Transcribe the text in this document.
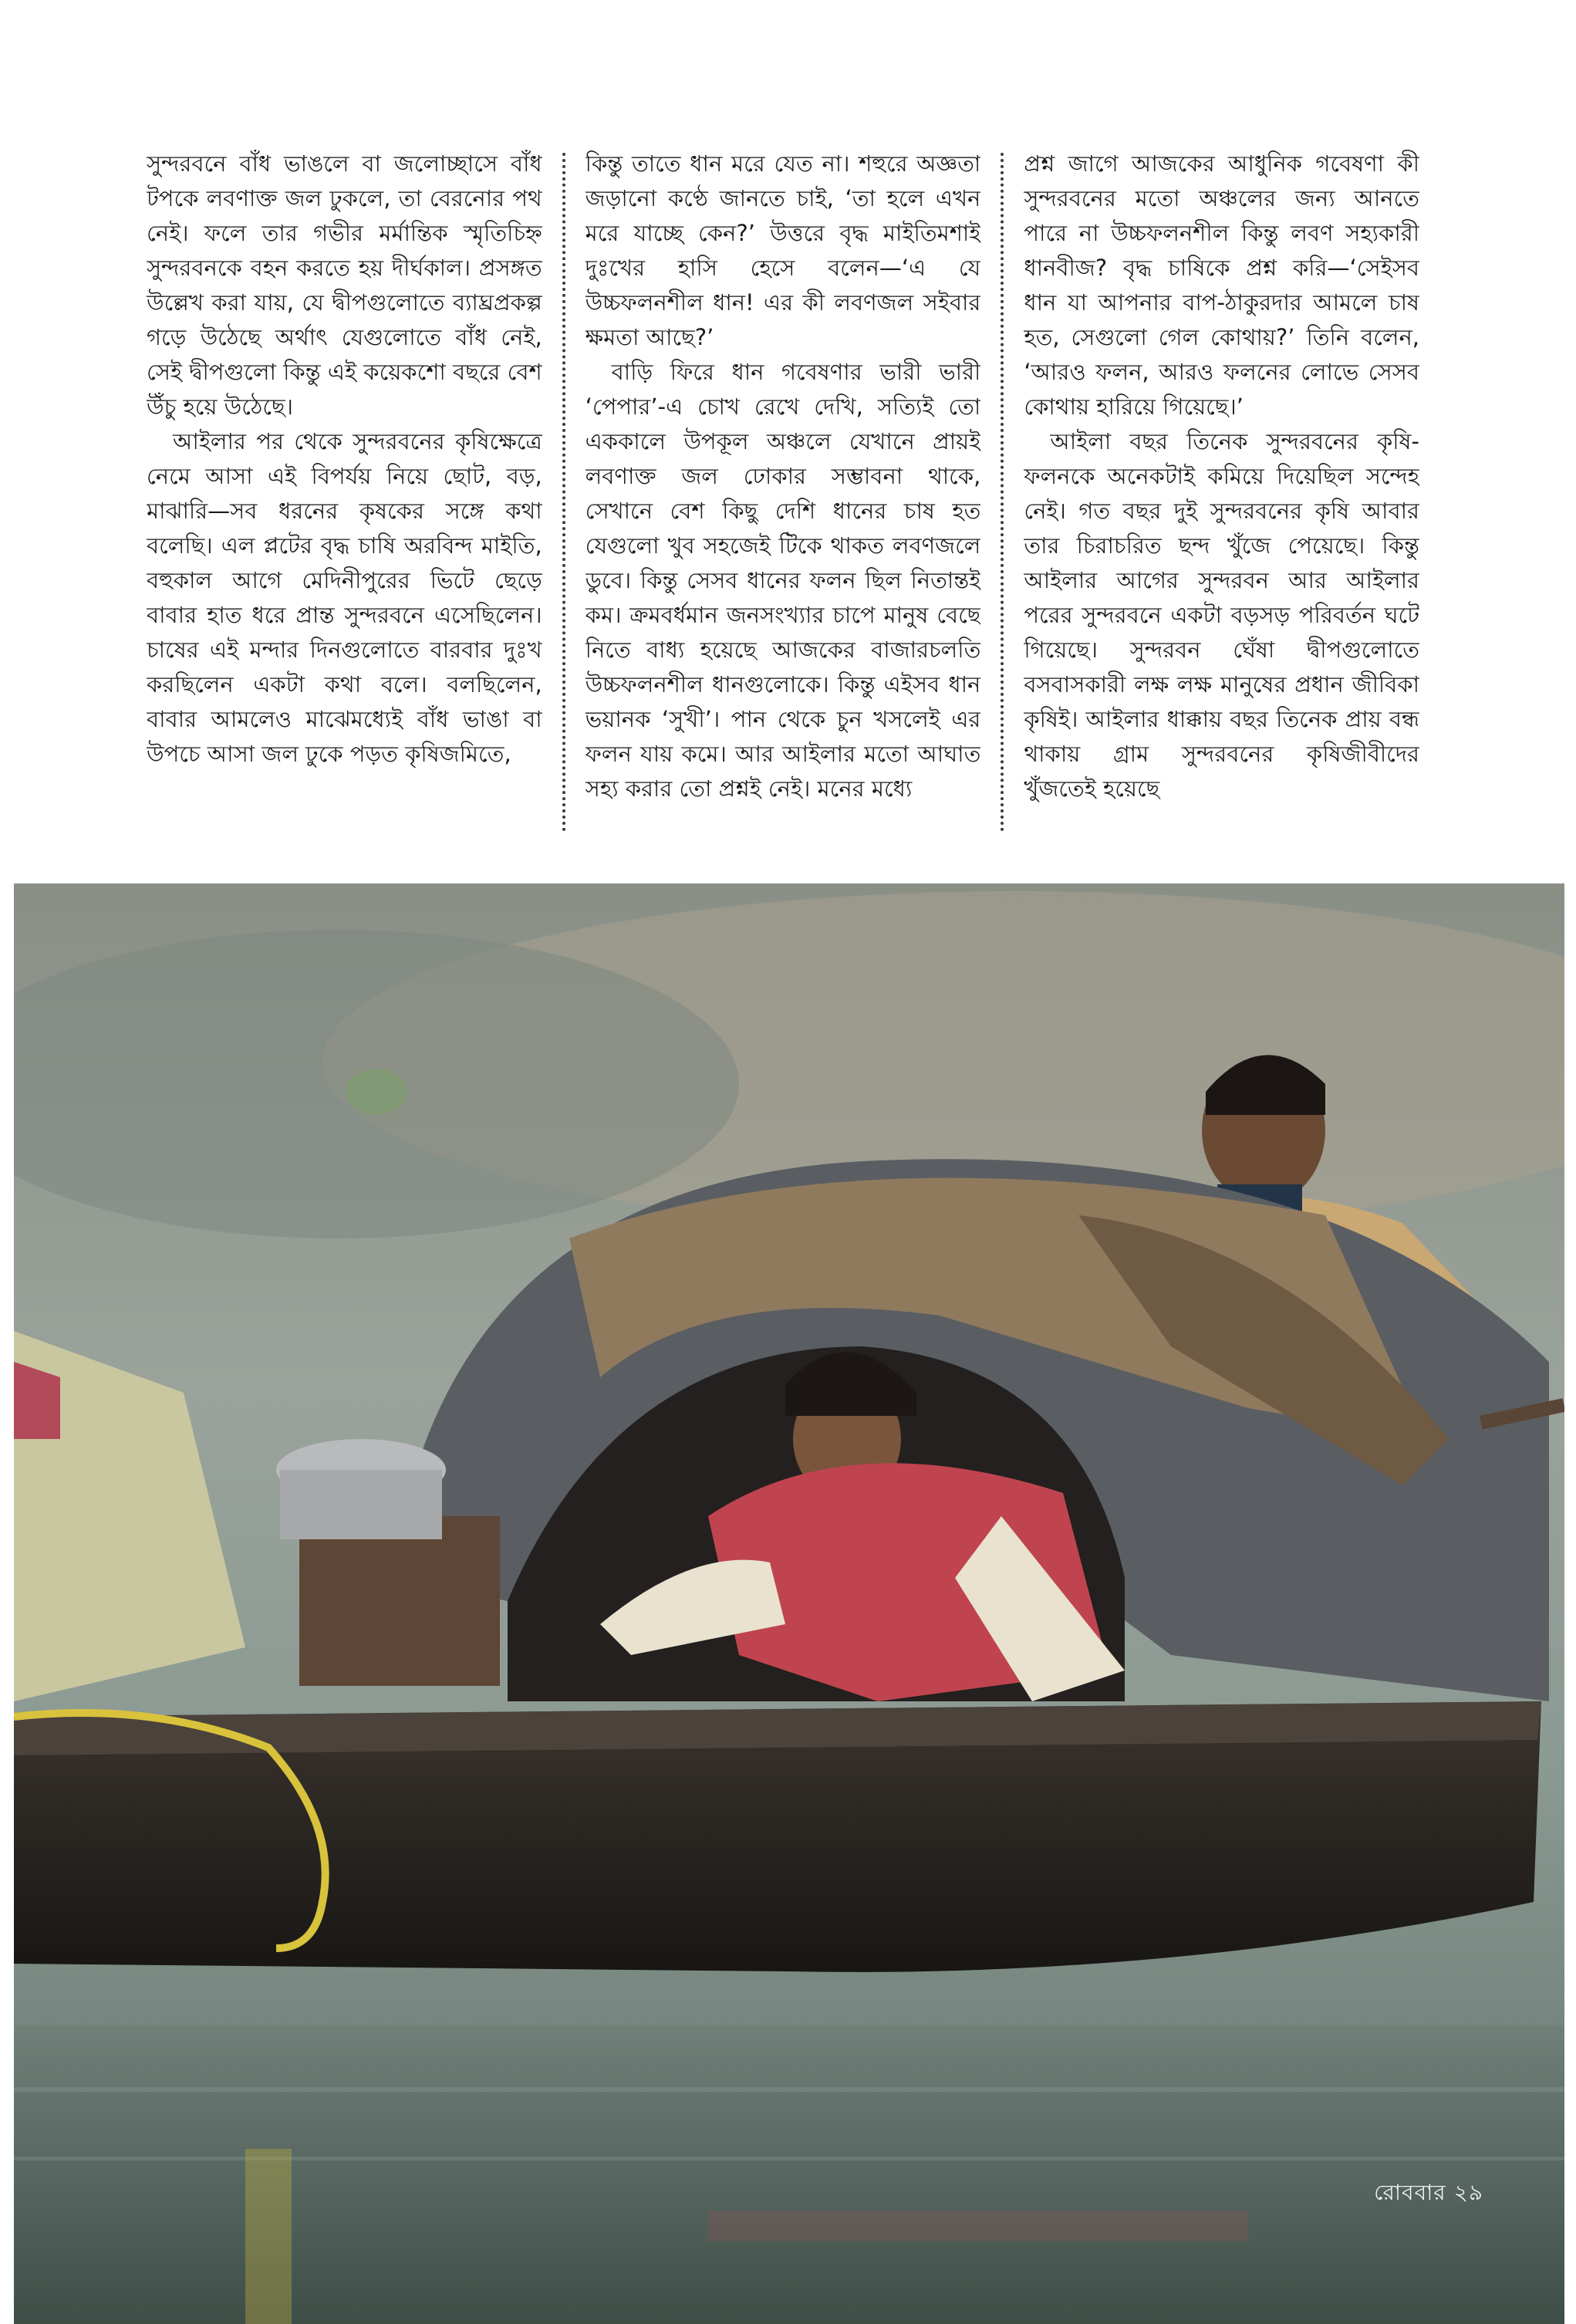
সুন্দরবনে বাঁধ ভাঙলে বা জলোচ্ছাসে বাঁধ টপকে লবণাক্ত জল ঢুকলে, তা বেরনোর পথ নেই। ফলে তার গভীর মর্মান্তিক স্মৃতিচিহ্ন সুন্দরবনকে বহন করতে হয় দীর্ঘকাল। প্রসঙ্গত উল্লেখ করা যায়, যে দ্বীপগুলোতে ব্যাঘ্রপ্রকল্প গড়ে উঠেছে অর্থাৎ যেগুলোতে বাঁধ নেই, সেই দ্বীপগুলো কিন্তু এই কয়েকশো বছরে বেশ উঁচু হয়ে উঠেছে।

আইলার পর থেকে সুন্দরবনের কৃষিক্ষেত্রে নেমে আসা এই বিপর্যয় নিয়ে ছোট, বড়, মাঝারি—সব ধরনের কৃষকের সঙ্গে কথা বলেছি। এল প্লটের বৃদ্ধ চাষি অরবিন্দ মাইতি, বহুকাল আগে মেদিনীপুরের ভিটে ছেড়ে বাবার হাত ধরে প্রান্ত সুন্দরবনে এসেছিলেন। চাষের এই মন্দার দিনগুলোতে বারবার দুঃখ করছিলেন একটা কথা বলে। বলছিলেন, বাবার আমলেও মাঝেমধ্যেই বাঁধ ভাঙা বা উপচে আসা জল ঢুকে পড়ত কৃষিজমিতে,

কিন্তু তাতে ধান মরে যেত না। শহুরে অজ্ঞতা জড়ানো কণ্ঠে জানতে চাই, ‘তা হলে এখন মরে যাচ্ছে কেন?’ উত্তরে বৃদ্ধ মাইতিমশাই দুঃখের হাসি হেসে বলেন—‘এ যে উচ্চফলনশীল ধান! এর কী লবণজল সইবার ক্ষমতা আছে?’

বাড়ি ফিরে ধান গবেষণার ভারী ভারী ‘পেপার’-এ চোখ রেখে দেখি, সত্যিই তো এককালে উপকূল অঞ্চলে যেখানে প্রায়ই লবণাক্ত জল ঢোকার সম্ভাবনা থাকে, সেখানে বেশ কিছু দেশি ধানের চাষ হত যেগুলো খুব সহজেই টিকে থাকত লবণজলে ডুবে। কিন্তু সেসব ধানের ফলন ছিল নিতান্তই কম। ক্রমবর্ধমান জনসংখ্যার চাপে মানুষ বেছে নিতে বাধ্য হয়েছে আজকের বাজারচলতি উচ্চফলনশীল ধানগুলোকে। কিন্তু এইসব ধান ভয়ানক ‘সুখী’। পান থেকে চুন খসলেই এর ফলন যায় কমে। আর আইলার মতো আঘাত সহ্য করার তো প্রশ্নই নেই। মনের মধ্যে

প্রশ্ন জাগে আজকের আধুনিক গবেষণা কী সুন্দরবনের মতো অঞ্চলের জন্য আনতে পারে না উচ্চফলনশীল কিন্তু লবণ সহ্যকারী ধানবীজ? বৃদ্ধ চাষিকে প্রশ্ন করি—‘সেইসব ধান যা আপনার বাপ-ঠাকুরদার আমলে চাষ হত, সেগুলো গেল কোথায়?’ তিনি বলেন, ‘আরও ফলন, আরও ফলনের লোভে সেসব কোথায় হারিয়ে গিয়েছে।’

আইলা বছর তিনেক সুন্দরবনের কৃষি-ফলনকে অনেকটাই কমিয়ে দিয়েছিল সন্দেহ নেই। গত বছর দুই সুন্দরবনের কৃষি আবার তার চিরাচরিত ছন্দ খুঁজে পেয়েছে। কিন্তু আইলার আগের সুন্দরবন আর আইলার পরের সুন্দরবনে একটা বড়সড় পরিবর্তন ঘটে গিয়েছে। সুন্দরবন ঘেঁষা দ্বীপগুলোতে বসবাসকারী লক্ষ লক্ষ মানুষের প্রধান জীবিকা কৃষিই। আইলার ধাক্কায় বছর তিনেক প্রায় বন্ধ থাকায় গ্রাম সুন্দরবনের কৃষিজীবীদের খুঁজতেই হয়েছে

রোববার ২৯
